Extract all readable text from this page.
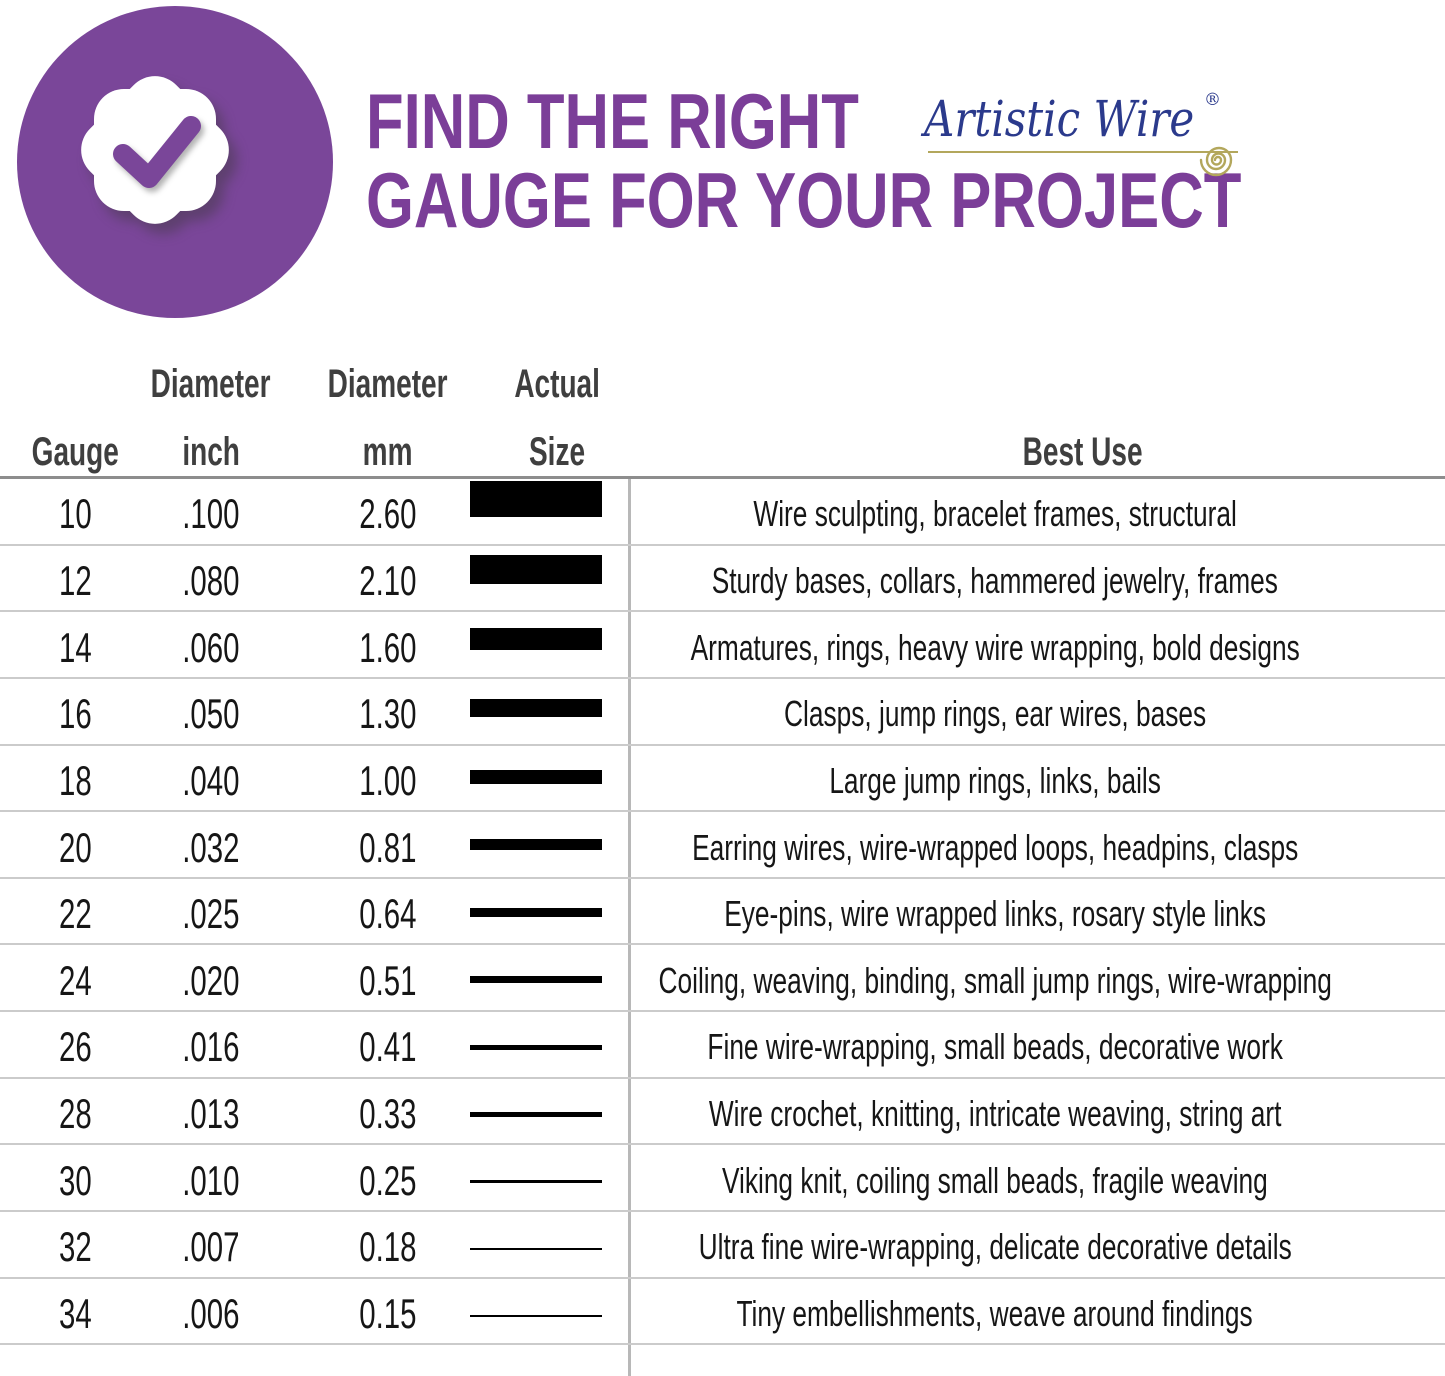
FIND THE RIGHT
GAUGE FOR YOUR PROJECT
Artistic Wire ®
Diameter Diameter Actual
Gauge inch	mm	Size	Best Use
10 .100	2.60	Wire sculpting, bracelet frames, structural
12 .080	2.10	Sturdy bases, collars, hammered jewelry, frames
14 .060	1.60	Armatures, rings, heavy wire wrapping, bold designs
16 .050	1.30	Clasps, jump rings, ear wires, bases
18 .040	1.00	Large jump rings, links, bails
20 .032	0.81	Earring wires, wire-wrapped loops, headpins, clasps
22 .025	0.64	Eye-pins, wire wrapped links, rosary style links
24 .020	0.51	Coiling, weaving, binding, small jump rings, wire-wrapping
26 .016	0.41	Fine wire-wrapping, small beads, decorative work
28 .013	0.33	Wire crochet, knitting, intricate weaving, string art
30 .010	0.25	Viking knit, coiling small beads, fragile weaving
32 .007	0.18	Ultra fine wire-wrapping, delicate decorative details
34 .006	0.15	Tiny embellishments, weave around findings
